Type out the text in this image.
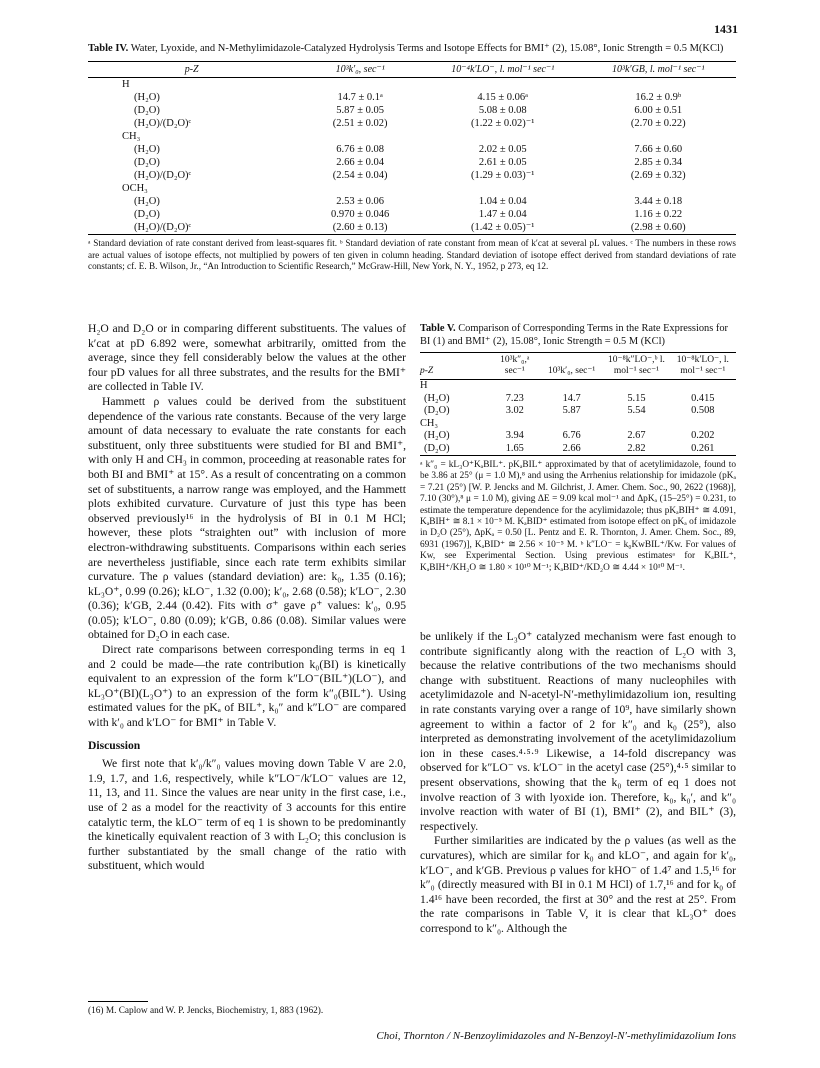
1431
Table IV. Water, Lyoxide, and N-Methylimidazole-Catalyzed Hydrolysis Terms and Isotope Effects for BMI⁺ (2), 15.08°, Ionic Strength = 0.5 M(KCl)
p-Z	10³k′₀, sec⁻¹	10⁻⁴k′LO⁻, l. mol⁻¹ sec⁻¹	10³k′GB, l. mol⁻¹ sec⁻¹
H			
(H₂O)	14.7 ± 0.1ᵃ	4.15 ± 0.06ᵃ	16.2 ± 0.9ᵇ
(D₂O)	5.87 ± 0.05	5.08 ± 0.08	6.00 ± 0.51
(H₂O)/(D₂O)ᶜ	(2.51 ± 0.02)	(1.22 ± 0.02)⁻¹	(2.70 ± 0.22)
CH₃			
(H₂O)	6.76 ± 0.08	2.02 ± 0.05	7.66 ± 0.60
(D₂O)	2.66 ± 0.04	2.61 ± 0.05	2.85 ± 0.34
(H₂O)/(D₂O)ᶜ	(2.54 ± 0.04)	(1.29 ± 0.03)⁻¹	(2.69 ± 0.32)
OCH₃			
(H₂O)	2.53 ± 0.06	1.04 ± 0.04	3.44 ± 0.18
(D₂O)	0.970 ± 0.046	1.47 ± 0.04	1.16 ± 0.22
(H₂O)/(D₂O)ᶜ	(2.60 ± 0.13)	(1.42 ± 0.05)⁻¹	(2.98 ± 0.60)
ᵃ Standard deviation of rate constant derived from least-squares fit. ᵇ Standard deviation of rate constant from mean of k′cat at several pL values. ᶜ The numbers in these rows are actual values of isotope effects, not multiplied by powers of ten given in column heading. Standard deviation of isotope effect derived from standard deviations of rate constants; cf. E. B. Wilson, Jr., “An Introduction to Scientific Research,” McGraw-Hill, New York, N. Y., 1952, p 273, eq 12.

H₂O and D₂O or in comparing different substituents. The values of k′cat at pD 6.892 were, somewhat arbitrarily, omitted from the average, since they fell considerably below the values at the other four pD values for all three substrates, and the results for the BMI⁺ are collected in Table IV.

Hammett ρ values could be derived from the substituent dependence of the various rate constants. Because of the very large amount of data necessary to evaluate the rate constants for each substituent, only three substituents were studied for BI and BMI⁺, with only H and CH₃ in common, proceeding at reasonable rates for both BI and BMI⁺ at 15°. As a result of concentrating on a common set of substituents, a narrow range was employed, and the Hammett plots exhibited curvature. Curvature of just this type has been observed previously¹⁶ in the hydrolysis of BI in 0.1 M HCl; however, these plots “straighten out” with inclusion of more electron-withdrawing substituents. Comparisons within each series are nevertheless justifiable, since each rate term exhibits similar curvature. The ρ values (standard deviation) are: k₀, 1.35 (0.16); kL₃O⁺, 0.99 (0.26); kLO⁻, 1.32 (0.00); k′₀, 2.68 (0.58); k′LO⁻, 2.30 (0.36); k′GB, 2.44 (0.42). Fits with σ⁺ gave ρ⁺ values: k′₀, 0.95 (0.05); k′LO⁻, 0.80 (0.09); k′GB, 0.86 (0.08). Similar values were obtained for D₂O in each case.

Direct rate comparisons between corresponding terms in eq 1 and 2 could be made—the rate contribution k₀(BI) is kinetically equivalent to an expression of the form k″LO⁻(BIL⁺)(LO⁻), and kL₃O⁺(BI)(L₃O⁺) to an expression of the form k″₀(BIL⁺). Using estimated values for the pKₐ of BIL⁺, k₀″ and k″LO⁻ are compared with k′₀ and k′LO⁻ for BMI⁺ in Table V.

Discussion

We first note that k′₀/k″₀ values moving down Table V are 2.0, 1.9, 1.7, and 1.6, respectively, while k″LO⁻/k′LO⁻ values are 12, 11, 13, and 11. Since the values are near unity in the first case, i.e., use of 2 as a model for the reactivity of 3 accounts for this entire catalytic term, the kLO⁻ term of eq 1 is shown to be predominantly the kinetically equivalent reaction of 3 with L₂O; this conclusion is further substantiated by the small change of the ratio with substituent, which would

(16) M. Caplow and W. P. Jencks, Biochemistry, 1, 883 (1962).
Table V. Comparison of Corresponding Terms in the Rate Expressions for BI (1) and BMI⁺ (2), 15.08°, Ionic Strength = 0.5 M (KCl)
p-Z	10³k″₀,ᵃ sec⁻¹	10³k′₀, sec⁻¹	10⁻⁸k″LO⁻,ᵇ l. mol⁻¹ sec⁻¹	10⁻⁸k′LO⁻, l. mol⁻¹ sec⁻¹
H				
(H₂O)	7.23	14.7	5.15	0.415
(D₂O)	3.02	5.87	5.54	0.508
CH₃				
(H₂O)	3.94	6.76	2.67	0.202
(D₂O)	1.65	2.66	2.82	0.261
ᵃ k″₀ = kL₃O⁺KₐBIL⁺. pKₐBIL⁺ approximated by that of acetylimidazole, found to be 3.86 at 25° (μ = 1.0 M),⁸ and using the Arrhenius relationship for imidazole (pKₐ = 7.21 (25°) [W. P. Jencks and M. Gilchrist, J. Amer. Chem. Soc., 90, 2622 (1968)], 7.10 (30°),⁸ μ = 1.0 M), giving ΔE = 9.09 kcal mol⁻¹ and ΔpKₐ (15–25°) = 0.231, to estimate the temperature dependence for the acylimidazole; thus pKₐBIH⁺ ≅ 4.091, KₐBIH⁺ ≅ 8.1 × 10⁻⁵ M. KₐBID⁺ estimated from isotope effect on pKₐ of imidazole in D₂O (25°), ΔpKₐ = 0.50 [L. Pentz and E. R. Thornton, J. Amer. Chem. Soc., 89, 6931 (1967)], KₐBID⁺ ≅ 2.56 × 10⁻⁵ M. ᵇ k″LO⁻ = k₀KwBIL⁺/Kw. For values of Kw, see Experimental Section. Using previous estimatesᵃ for KₐBIL⁺, KₐBIH⁺/KH₂O ≅ 1.80 × 10¹⁰ M⁻¹; KₐBID⁺/KD₂O ≅ 4.44 × 10¹⁰ M⁻¹.

be unlikely if the L₃O⁺ catalyzed mechanism were fast enough to contribute significantly along with the reaction of L₂O with 3, because the relative contributions of the two mechanisms should change with substituent. Reactions of many nucleophiles with acetylimidazole and N-acetyl-N′-methylimidazolium ion, resulting in rate constants varying over a range of 10⁹, have similarly shown agreement to within a factor of 2 for k″₀ and k₀ (25°), also interpreted as demonstrating involvement of the acetylimidazolium ion in these cases.⁴·⁵·⁹ Likewise, a 14-fold discrepancy was observed for k″LO⁻ vs. k′LO⁻ in the acetyl case (25°),⁴·⁵ similar to present observations, showing that the k₀ term of eq 1 does not involve reaction of 3 with lyoxide ion. Therefore, k₀, k₀′, and k″₀ involve reaction with water of BI (1), BMI⁺ (2), and BIL⁺ (3), respectively.

Further similarities are indicated by the ρ values (as well as the curvatures), which are similar for k₀ and kLO⁻, and again for k′₀, k′LO⁻, and k′GB. Previous ρ values for kHO⁻ of 1.4⁷ and 1.5,¹⁶ for k″₀ (directly measured with BI in 0.1 M HCl) of 1.7,¹⁶ and for k₀ of 1.4¹⁶ have been recorded, the first at 30° and the rest at 25°. From the rate comparisons in Table V, it is clear that kL₃O⁺ does correspond to k″₀. Although the

Choi, Thornton / N-Benzoylimidazoles and N-Benzoyl-N′-methylimidazolium Ions
